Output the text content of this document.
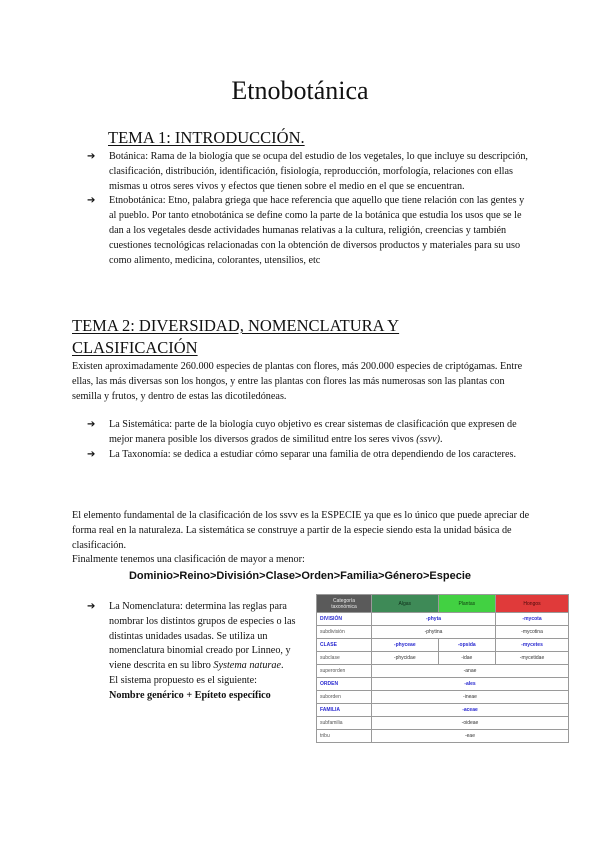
Etnobotánica
TEMA 1: INTRODUCCIÓN.
➔ Botánica: Rama de la biología que se ocupa del estudio de los vegetales, lo que incluye su descripción, clasificación, distribución, identificación, fisiología, reproducción, morfología, relaciones con ellas mismas u otros seres vivos y efectos que tienen sobre el medio en el que se encuentran.
➔ Etnobotánica: Etno, palabra griega que hace referencia que aquello que tiene relación con las gentes y al pueblo. Por tanto etnobotánica se define como la parte de la botánica que estudia los usos que se le dan a los vegetales desde actividades humanas relativas a la cultura, religión, creencias y también cuestiones tecnológicas relacionadas con la obtención de diversos productos y materiales para su uso como alimento, medicina, colorantes, utensilios, etc
TEMA 2: DIVERSIDAD, NOMENCLATURA Y CLASIFICACIÓN

Existen aproximadamente 260.000 especies de plantas con flores, más 200.000 especies de criptógamas. Entre ellas, las más diversas son los hongos, y entre las plantas con flores las más numerosas son las plantas con semilla y frutos, y dentro de estas las dicotiledóneas.

➔ La Sistemática: parte de la biología cuyo objetivo es crear sistemas de clasificación que expresen de mejor manera posible los diversos grados de similitud entre los seres vivos (ssvv).
➔ La Taxonomía: se dedica a estudiar cómo separar una familia de otra dependiendo de los caracteres.

El elemento fundamental de la clasificación de los ssvv es la ESPECIE ya que es lo único que puede apreciar de forma real en la naturaleza. La sistemática se construye a partir de la especie siendo esta la unidad básica de clasificación.

Finalmente tenemos una clasificación de mayor a menor:

Dominio>Reino>División>Clase>Orden>Familia>Género>Especie
➔ La Nomenclatura: determina las reglas para nombrar los distintos grupos de especies o las distintas unidades usadas. Se utiliza un nomenclatura binomial creado por Linneo, y viene descrita en su libro Systema naturae.
El sistema propuesto es el siguiente:
Nombre genérico + Epíteto específico
Categoría taxonómica	Algas	Plantas	Hongos
DIVISIÓN	-phyta		-mycota
subdivisión	-phytina		-mycotina
CLASE	-phyceae	-opsida	-mycetes
subclase	-phycidae	-idae	-mycetidae
superorden	-anae		
ORDEN	-ales		
suborden	-ineae		
FAMILIA	-aceae		
subfamilia	-oideae		
tribu	-eae		
